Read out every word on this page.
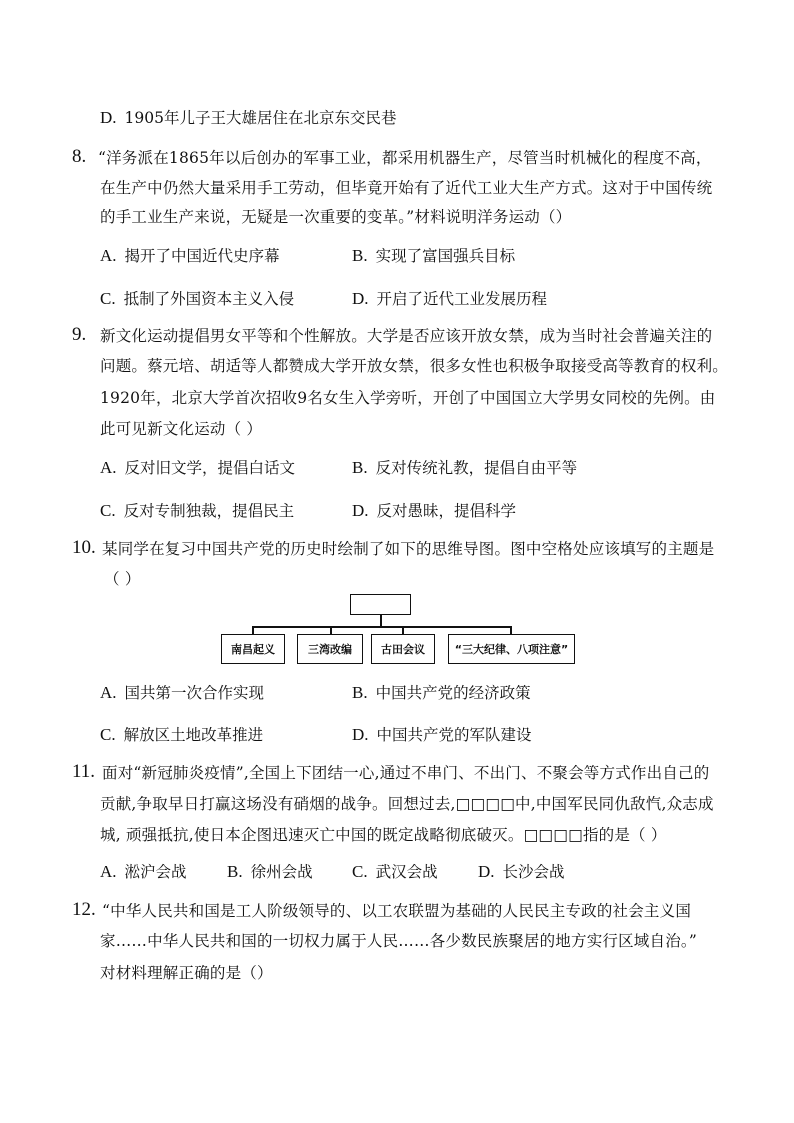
D. 1905年儿子王大雄居住在北京东交民巷
8. “洋务派在1865年以后创办的军事工业，都采用机器生产，尽管当时机械化的程度不高，
在生产中仍然大量采用手工劳动，但毕竟开始有了近代工业大生产方式。这对于中国传统
的手工业生产来说，无疑是一次重要的变革。”材料说明洋务运动（）
A. 揭开了中国近代史序幕	B. 实现了富国强兵目标
C. 抵制了外国资本主义入侵	D. 开启了近代工业发展历程
9. 新文化运动提倡男女平等和个性解放。大学是否应该开放女禁，成为当时社会普遍关注的
问题。蔡元培、胡适等人都赞成大学开放女禁，很多女性也积极争取接受高等教育的权利。
1920年，北京大学首次招收9名女生入学旁听，开创了中国国立大学男女同校的先例。由
此可见新文化运动（ ）
A. 反对旧文学，提倡白话文	B. 反对传统礼教，提倡自由平等
C. 反对专制独裁，提倡民主	D. 反对愚昧，提倡科学
10. 某同学在复习中国共产党的历史时绘制了如下的思维导图。图中空格处应该填写的主题是
（ ）
南昌起义	三湾改编	古田会议	“三大纪律、八项注意”
A. 国共第一次合作实现	B. 中国共产党的经济政策
C. 解放区土地改革推进	D. 中国共产党的军队建设
11. 面对“新冠肺炎疫情”,全国上下团结一心,通过不串门、不出门、不聚会等方式作出自己的
贡献,争取早日打赢这场没有硝烟的战争。回想过去,□□□□中,中国军民同仇敌忾,众志成
城, 顽强抵抗,使日本企图迅速灭亡中国的既定战略彻底破灭。□□□□指的是（ ）
A. 淞沪会战 B. 徐州会战 C. 武汉会战 D. 长沙会战
12. “中华人民共和国是工人阶级领导的、以工农联盟为基础的人民民主专政的社会主义国
家……中华人民共和国的一切权力属于人民……各少数民族聚居的地方实行区域自治。”
对材料理解正确的是（）
